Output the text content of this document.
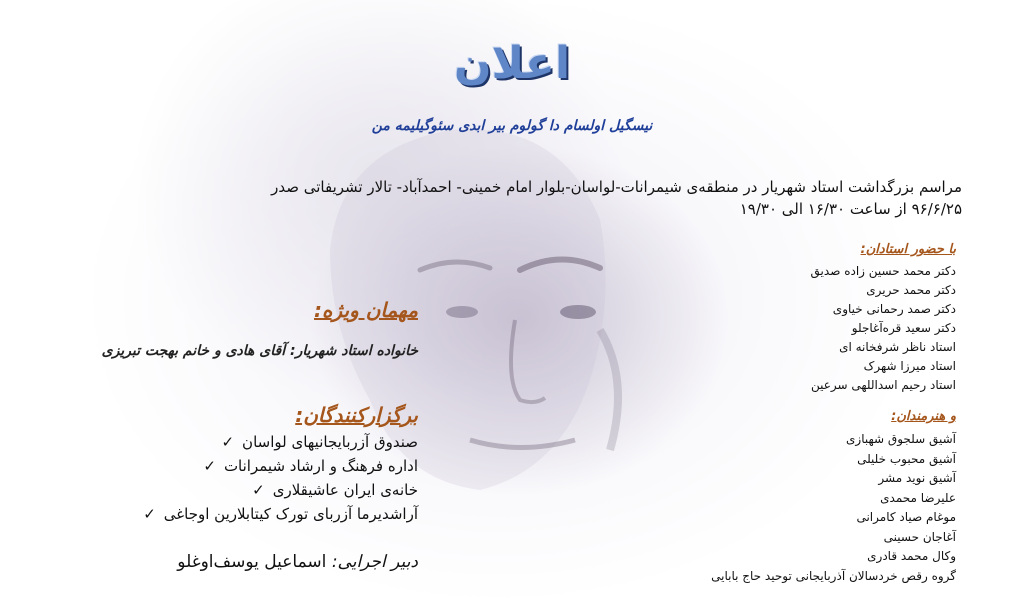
اعلان
نیسگیل اولسام دا گولوم بیر ابدی سئوگیلیمه من
مراسم بزرگداشت استاد شهریار در منطقه‌ی شیمرانات-لواسان-بلوار امام خمینی- احمدآباد- تالار تشریفاتی صدر
۹۶/۶/۲۵ از ساعت ۱۶/۳۰ الی ۱۹/۳۰
با حضور استادان:
دکتر محمد حسین زاده صدیق
دکتر محمد حریری
دکتر صمد رحمانی خیاوی
دکتر سعید قره‌آغاجلو
استاد ناظر شرفخانه ای
استاد میرزا شهرک
استاد رحیم اسداللهی سرعین
و هنرمندان:
آشیق سلجوق شهبازی
آشیق محبوب خلیلی
آشیق نوید مشر
علیرضا محمدی
موغام صیاد کامرانی
آغاجان حسینی
وکال محمد قادری
گروه رقص خردسالان آذربایجانی توحید حاج بابایی
مهمان ویژه:
خانواده استاد شهریار: آقای هادی و خانم بهجت تبریزی
برگزارکنندگان:
صندوق آزربایجانیهای لواسان✓
اداره فرهنگ و ارشاد شیمرانات✓
خانه‌ی ایران عاشیقلاری✓
آراشدیرما آزربای تورک کیتابلارین اوجاغی✓
دبیر اجرایی: اسماعیل یوسف‌اوغلو
